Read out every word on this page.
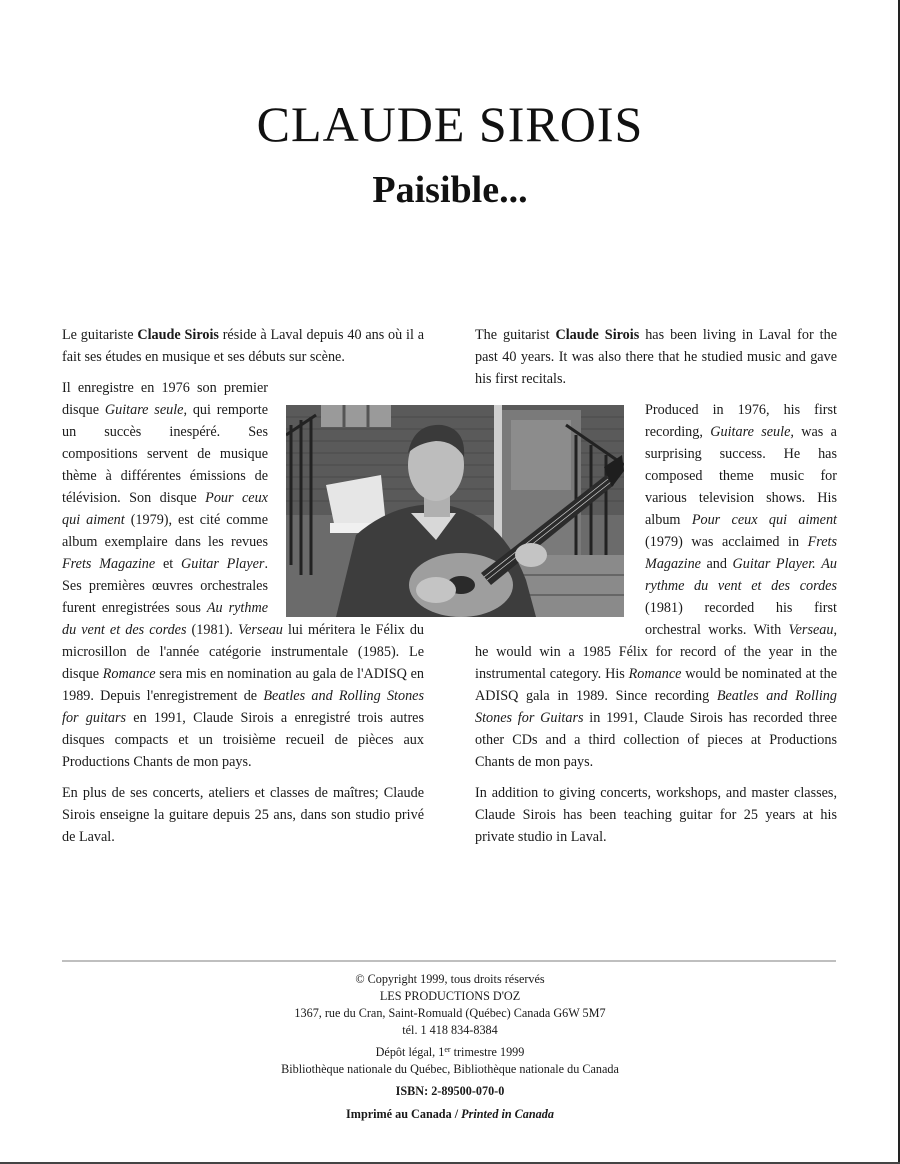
CLAUDE SIROIS
Paisible...

Le guitariste Claude Sirois réside à Laval depuis 40 ans où il a fait ses études en musique et ses débuts sur scène.

Il enregistre en 1976 son premier disque Guitare seule, qui remporte un succès inespéré. Ses compositions servent de musique thème à différentes émissions de télévision. Son disque Pour ceux qui aiment (1979), est cité comme album exemplaire dans les revues Frets Magazine et Guitar Player. Ses premières œuvres orchestrales furent enregistrées sous Au rythme du vent et des cordes (1981). Verseau lui méritera le Félix du microsillon de l'année catégorie instrumentale (1985). Le disque Romance sera mis en nomination au gala de l'ADISQ en 1989. Depuis l'enregistrement de Beatles and Rolling Stones for guitars en 1991, Claude Sirois a enregistré trois autres disques compacts et un troisième recueil de pièces aux Productions Chants de mon pays.

En plus de ses concerts, ateliers et classes de maîtres; Claude Sirois enseigne la guitare depuis 25 ans, dans son studio privé de Laval.

The guitarist Claude Sirois has been living in Laval for the past 40 years. It was also there that he studied music and gave his first recitals.

Produced in 1976, his first recording, Guitare seule, was a surprising success. He has composed theme music for various television shows. His album Pour ceux qui aiment (1979) was acclaimed in Frets Magazine and Guitar Player. Au rythme du vent et des cordes (1981) recorded his first orchestral works. With Verseau, he would win a 1985 Félix for record of the year in the instrumental category. His Romance would be nominated at the ADISQ gala in 1989. Since recording Beatles and Rolling Stones for Guitars in 1991, Claude Sirois has recorded three other CDs and a third collection of pieces at Productions Chants de mon pays.

In addition to giving concerts, workshops, and master classes, Claude Sirois has been teaching guitar for 25 years at his private studio in Laval.

© Copyright 1999, tous droits réservés
LES PRODUCTIONS D'OZ
1367, rue du Cran, Saint-Romuald (Québec) Canada G6W 5M7
tél. 1 418 834-8384
Dépôt légal, 1er trimestre 1999
Bibliothèque nationale du Québec, Bibliothèque nationale du Canada
ISBN: 2-89500-070-0
Imprimé au Canada / Printed in Canada
